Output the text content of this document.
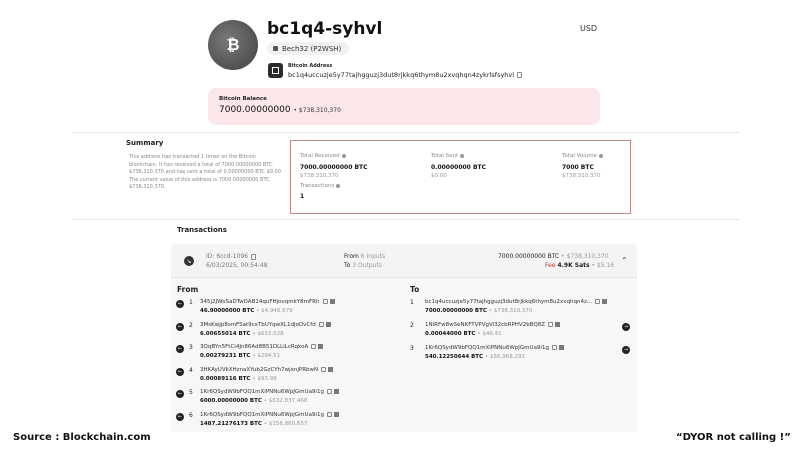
₿
bc1q4-syhvl	USD
Bech32 (P2WSH)
Bitcoin Address
bc1q4uccuzje5y77tajhgguzj3dut8rjkkq6thym8u2xvqhqn4zykrlsfsyhvl
Bitcoin Balance
7000.00000000 • $738,310,370
Summary
This address has transacted 1 times on the Bitcoin blockchain. It has received a total of 7000.00000000 BTC $738,310,370 and has sent a total of 0.00000000 BTC $0.00 The current value of this address is 7000.00000000 BTC $738,310,370.
Total Received
7000.00000000 BTC
$738,310,370
Total Sent
0.00000000 BTC
$0.00
Total Volume
7000 BTC
$738,310,370
Transactions
1
Transactions
↘
ID: 6ccd-1096
6/03/2025, 00:54:48
From 6 Inputs
To 3 Outputs
7000.00000000 BTC • $738,310,370
Fee 4.9K Sats • $5.16
⌃
From	To
←	1 345j2JWoSaDTwDAB14quFHjovqmkY8mFRh
46.90000000 BTC • $4,946,679
←	2 3MsKwJp8smFSat9cxTbUYqwXL1dJoDvCfd
6.00655014 BTC • $633,528
←	3 3QqBYn5FtCi4Jn86Ad8B51DLLiLcRqkoA
0.00279231 BTC • $294.51
←	4 3HKAyUVkXHznaXYub2GzCYh7wjxnjPRbwN
0.00089116 BTC • $93.99
←	5 1Kr6QSydW9bFQQ1mXiPNNu6WpJGmUa9i1g
6000.00000000 BTC • $632,837,468
←	6 1Kr6QSydW9bFQQ1mXiPNNu6WpJGmUa9i1g
1487.21276173 BTC • $156,860,657
1 bc1q4uccuzje5y77tajhgguzj3dut8rjkkq6thym8u2xvqhqn4z...
7000.00000000 BTC • $738,310,370
2 1NiRFw8wSeNKFTVPVgVi32cbRPHV2bBQ8Z
0.00044000 BTC • $46.41
→
3 1Kr6QSydW9bFQQ1mXiPNNu6WpJGmUa9i1g
540.12250644 BTC • $56,968,292
→
Source : Blockchain.com	“DYOR not calling !”
